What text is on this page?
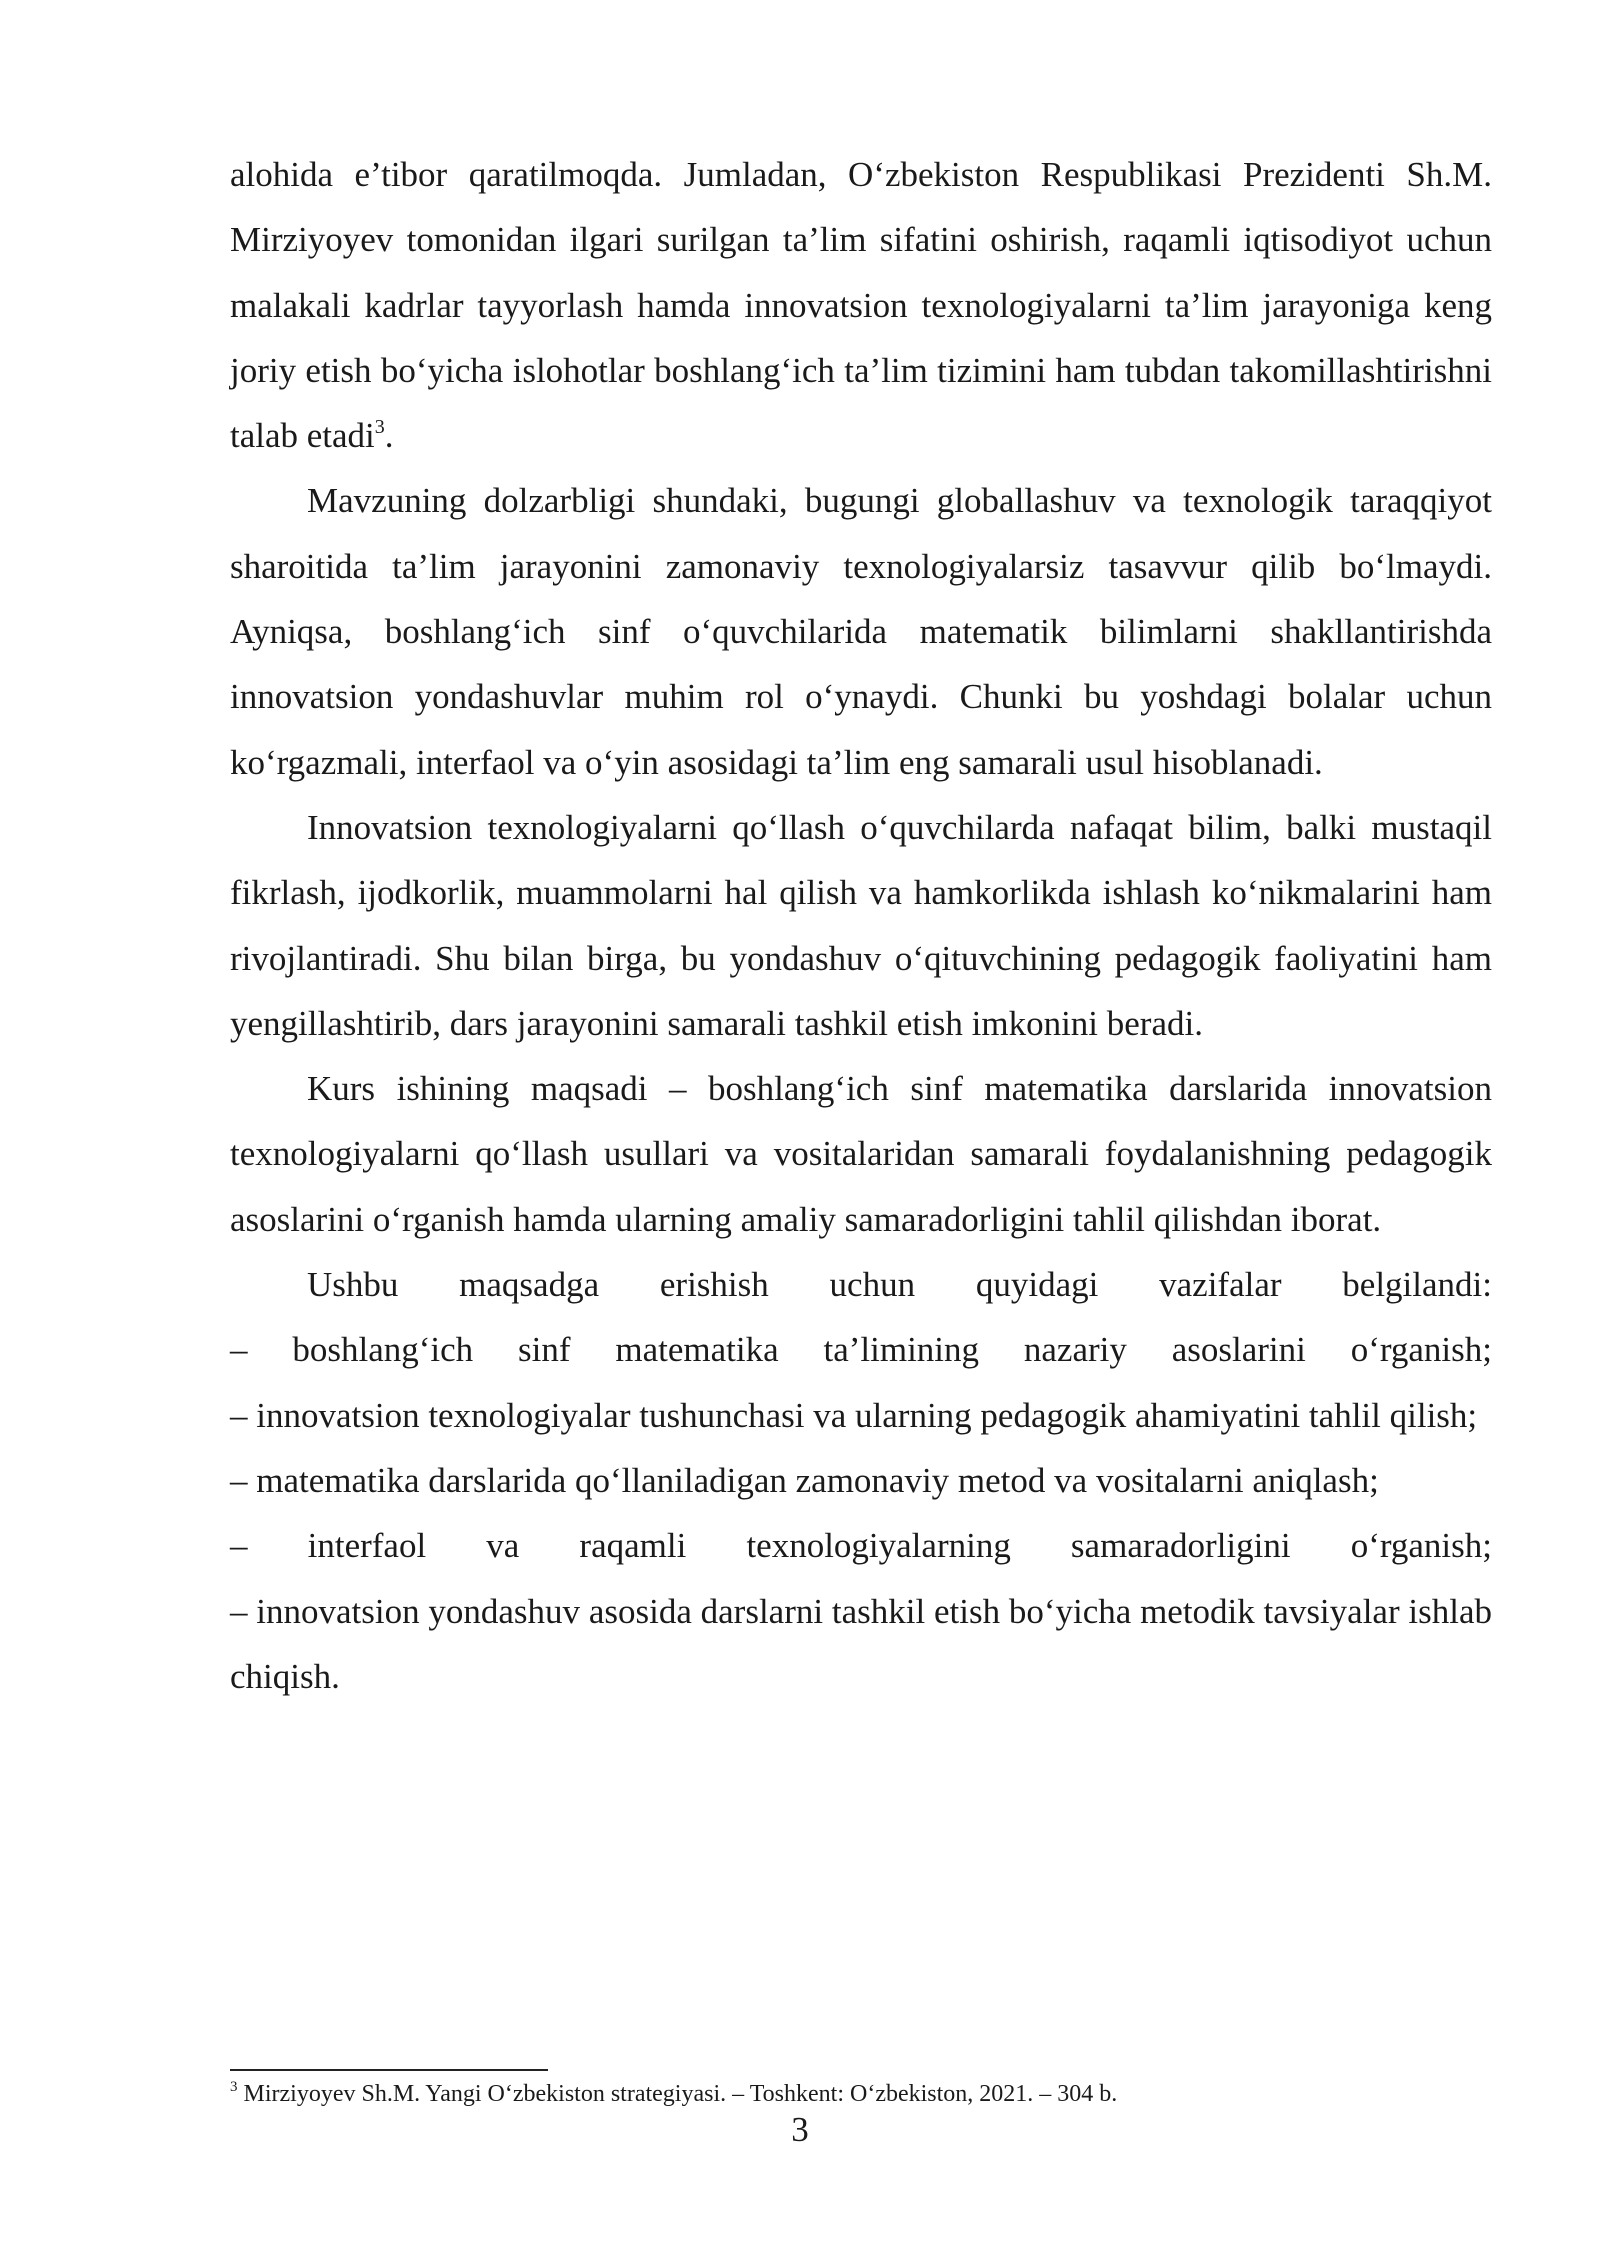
alohida e’tibor qaratilmoqda. Jumladan, O‘zbekiston Respublikasi Prezidenti Sh.M.

Mirziyoyev tomonidan ilgari surilgan ta’lim sifatini oshirish, raqamli iqtisodiyot uchun malakali kadrlar tayyorlash hamda innovatsion texnologiyalarni ta’lim jarayoniga keng joriy etish bo‘yicha islohotlar boshlang‘ich ta’lim tizimini ham tubdan takomillashtirishni talab etadi$^3$.

Mavzuning dolzarbligi shundaki, bugungi globallashuv va texnologik taraqqiyot sharoitida ta’lim jarayonini zamonaviy texnologiyalarsiz tasavvur qilib bo‘lmaydi. Ayniqsa, boshlang‘ich sinf o‘quvchilarida matematik bilimlarni shakllantirishda innovatsion yondashuvlar muhim rol o‘ynaydi. Chunki bu yoshdagi bolalar uchun ko‘rgazmali, interfaol va o‘yin asosidagi ta’lim eng samarali usul hisoblanadi.

Innovatsion texnologiyalarni qo‘llash o‘quvchilarda nafaqat bilim, balki mustaqil fikrlash, ijodkorlik, muammolarni hal qilish va hamkorlikda ishlash ko‘nikmalarini ham rivojlantiradi. Shu bilan birga, bu yondashuv o‘qituvchining pedagogik faoliyatini ham yengillashtirib, dars jarayonini samarali tashkil etish imkonini beradi.

Kurs ishining maqsadi – boshlang‘ich sinf matematika darslarida innovatsion texnologiyalarni qo‘llash usullari va vositalaridan samarali foydalanishning pedagogik asoslarini o‘rganish hamda ularning amaliy samaradorligini tahlil qilishdan iborat.

Ushbu maqsadga erishish uchun quyidagi vazifalar belgilandi:

– boshlang‘ich sinf matematika ta’limining nazariy asoslarini o‘rganish;

– innovatsion texnologiyalar tushunchasi va ularning pedagogik ahamiyatini tahlil qilish;

– matematika darslarida qo‘llaniladigan zamonaviy metod va vositalarni aniqlash;

– interfaol va raqamli texnologiyalarning samaradorligini o‘rganish;

– innovatsion yondashuv asosida darslarni tashkil etish bo‘yicha metodik tavsiyalar ishlab chiqish.

$^3$ Mirziyoyev Sh.M. Yangi O‘zbekiston strategiyasi. – Toshkent: O‘zbekiston, 2021. – 304 b.
3
